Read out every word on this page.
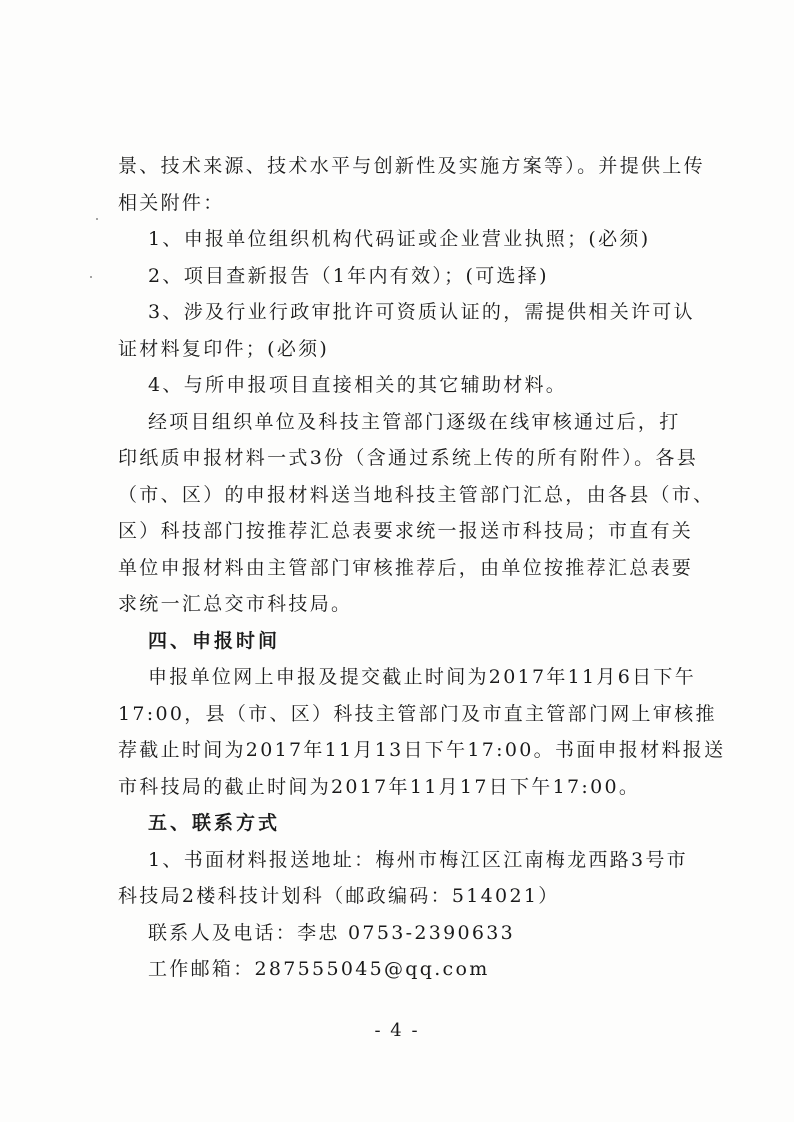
景、技术来源、技术水平与创新性及实施方案等）。并提供上传
相关附件：
1、申报单位组织机构代码证或企业营业执照；(必须)
2、项目查新报告（1年内有效）；(可选择)
3、涉及行业行政审批许可资质认证的，需提供相关许可认
证材料复印件；(必须)
4、与所申报项目直接相关的其它辅助材料。
经项目组织单位及科技主管部门逐级在线审核通过后，打
印纸质申报材料一式3份（含通过系统上传的所有附件）。各县
（市、区）的申报材料送当地科技主管部门汇总，由各县（市、
区）科技部门按推荐汇总表要求统一报送市科技局；市直有关
单位申报材料由主管部门审核推荐后，由单位按推荐汇总表要
求统一汇总交市科技局。
四、申报时间
申报单位网上申报及提交截止时间为2017年11月6日下午
17:00，县（市、区）科技主管部门及市直主管部门网上审核推
荐截止时间为2017年11月13日下午17:00。书面申报材料报送
市科技局的截止时间为2017年11月17日下午17:00。
五、联系方式
1、书面材料报送地址：梅州市梅江区江南梅龙西路3号市
科技局2楼科技计划科（邮政编码：514021）
联系人及电话：李忠 0753-2390633
工作邮箱：287555045@qq.com
- 4 -
